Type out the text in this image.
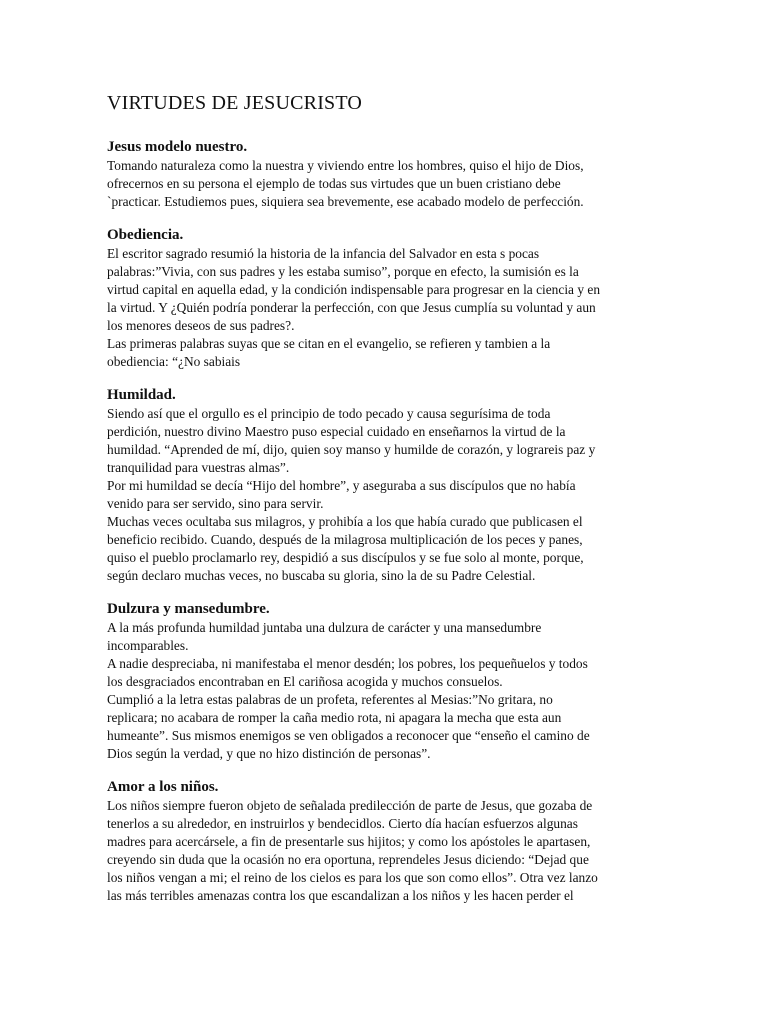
VIRTUDES DE JESUCRISTO
Jesus modelo nuestro.

Tomando naturaleza como la nuestra y viviendo entre los hombres, quiso el hijo de Dios,

ofrecernos en su persona el ejemplo de todas sus virtudes que un buen cristiano debe

`practicar. Estudiemos pues, siquiera sea brevemente, ese acabado modelo de perfección.

Obediencia.

El escritor sagrado resumió la historia de la infancia del Salvador en esta s pocas

palabras:”Vivia, con sus padres y les estaba sumiso”, porque en efecto, la sumisión es la

virtud capital en aquella edad, y la condición indispensable para progresar en la ciencia y en

la virtud. Y ¿Quién podría ponderar la perfección, con que Jesus cumplía su voluntad y aun

los menores deseos de sus padres?.

Las primeras palabras suyas que se citan en el evangelio, se refieren y tambien a la

obediencia: “¿No sabiais

Humildad.

Siendo así que el orgullo es el principio de todo pecado y causa segurísima de toda

perdición, nuestro divino Maestro puso especial cuidado en enseñarnos la virtud de la

humildad. “Aprended de mí, dijo, quien soy manso y humilde de corazón, y lograreis paz y

tranquilidad para vuestras almas”.

Por mi humildad se decía “Hijo del hombre”, y aseguraba a sus discípulos que no había

venido para ser servido, sino para servir.

Muchas veces ocultaba sus milagros, y prohibía a los que había curado que publicasen el

beneficio recibido. Cuando, después de la milagrosa multiplicación de los peces y panes,

quiso el pueblo proclamarlo rey, despidió a sus discípulos y se fue solo al monte, porque,

según declaro muchas veces, no buscaba su gloria, sino la de su Padre Celestial.

Dulzura y mansedumbre.

A la más profunda humildad juntaba una dulzura de carácter y una mansedumbre

incomparables.

A nadie despreciaba, ni manifestaba el menor desdén; los pobres, los pequeñuelos y todos

los desgraciados encontraban en El cariñosa acogida y muchos consuelos.

Cumplió a la letra estas palabras de un profeta, referentes al Mesias:”No gritara, no

replicara; no acabara de romper la caña medio rota, ni apagara la mecha que esta aun

humeante”. Sus mismos enemigos se ven obligados a reconocer que “enseño el camino de

Dios según la verdad, y que no hizo distinción de personas”.

Amor a los niños.

Los niños siempre fueron objeto de señalada predilección de parte de Jesus, que gozaba de

tenerlos a su alrededor, en instruirlos y bendecidlos. Cierto día hacían esfuerzos algunas

madres para acercársele, a fin de presentarle sus hijitos; y como los apóstoles le apartasen,

creyendo sin duda que la ocasión no era oportuna, reprendeles Jesus diciendo: “Dejad que

los niños vengan a mi; el reino de los cielos es para los que son como ellos”. Otra vez lanzo

las más terribles amenazas contra los que escandalizan a los niños y les hacen perder el
